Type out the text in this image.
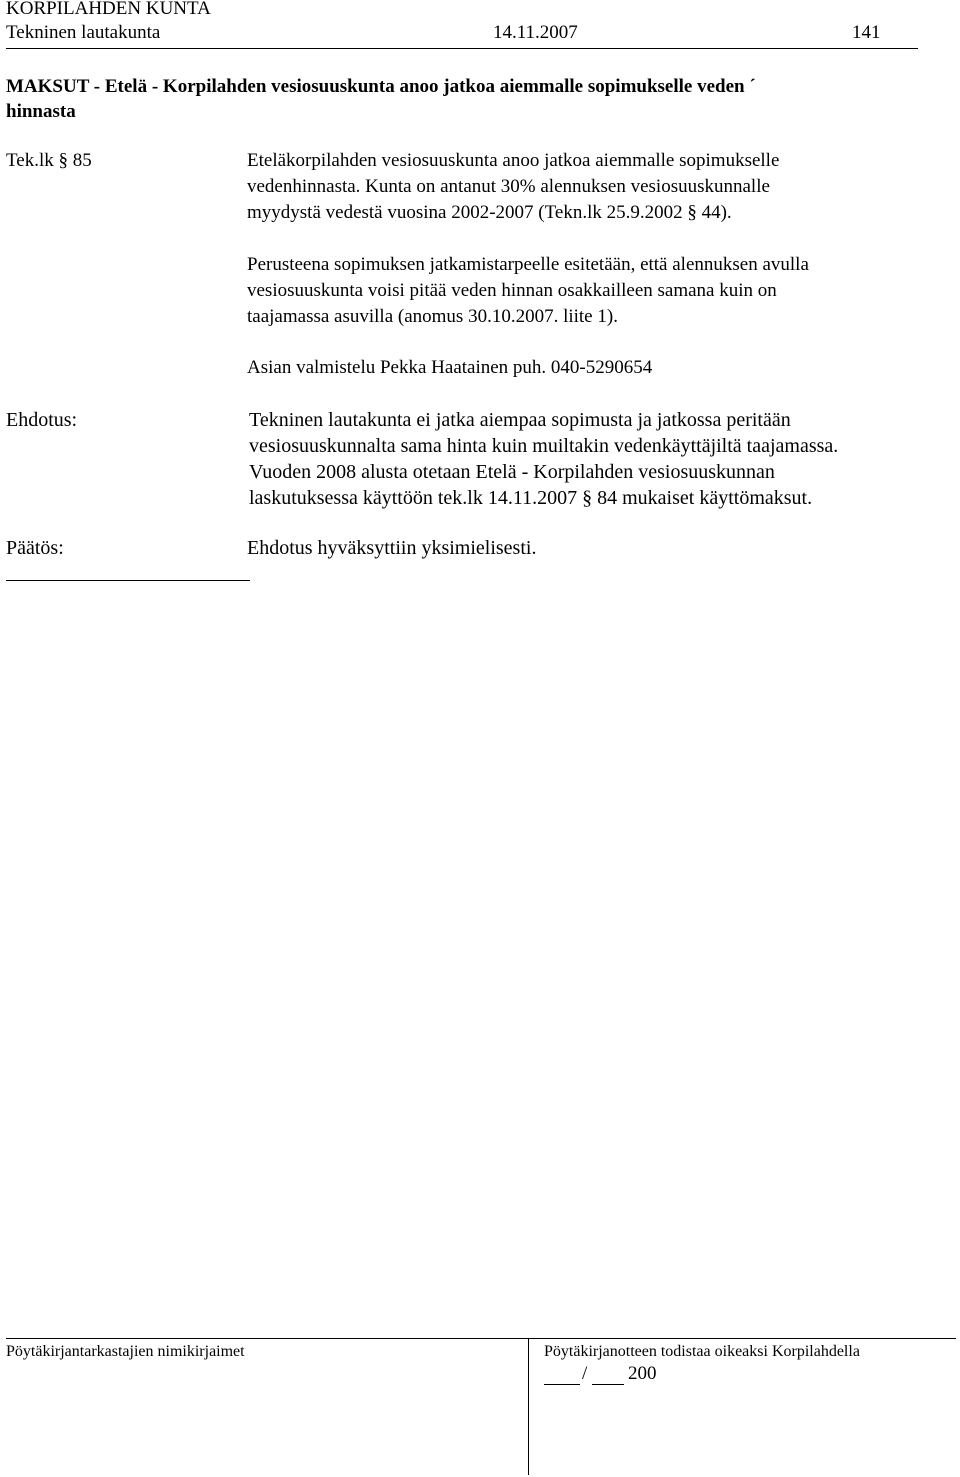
KORPILAHDEN KUNTA
Tekninen lautakunta	14.11.2007	141
MAKSUT - Etelä - Korpilahden vesiosuuskunta anoo jatkoa aiemmalle sopimukselle veden ´
hinnasta
Tek.lk § 85	Eteläkorpilahden vesiosuuskunta anoo jatkoa aiemmalle sopimukselle
vedenhinnasta. Kunta on antanut 30% alennuksen vesiosuuskunnalle
myydystä vedestä vuosina 2002-2007 (Tekn.lk 25.9.2002 § 44).
Perusteena sopimuksen jatkamistarpeelle esitetään, että alennuksen avulla
vesiosuuskunta voisi pitää veden hinnan osakkailleen samana kuin on
taajamassa asuvilla (anomus 30.10.2007. liite 1).
Asian valmistelu Pekka Haatainen puh. 040-5290654
Ehdotus:	Tekninen lautakunta ei jatka aiempaa sopimusta ja jatkossa peritään
vesiosuuskunnalta sama hinta kuin muiltakin vedenkäyttäjiltä taajamassa.
Vuoden 2008 alusta otetaan Etelä - Korpilahden vesiosuuskunnan
laskutuksessa käyttöön tek.lk 14.11.2007 § 84 mukaiset käyttömaksut.
Päätös:	Ehdotus hyväksyttiin yksimielisesti.
Pöytäkirjantarkastajien nimikirjaimet	Pöytäkirjanotteen todistaa oikeaksi Korpilahdella
/ 200
